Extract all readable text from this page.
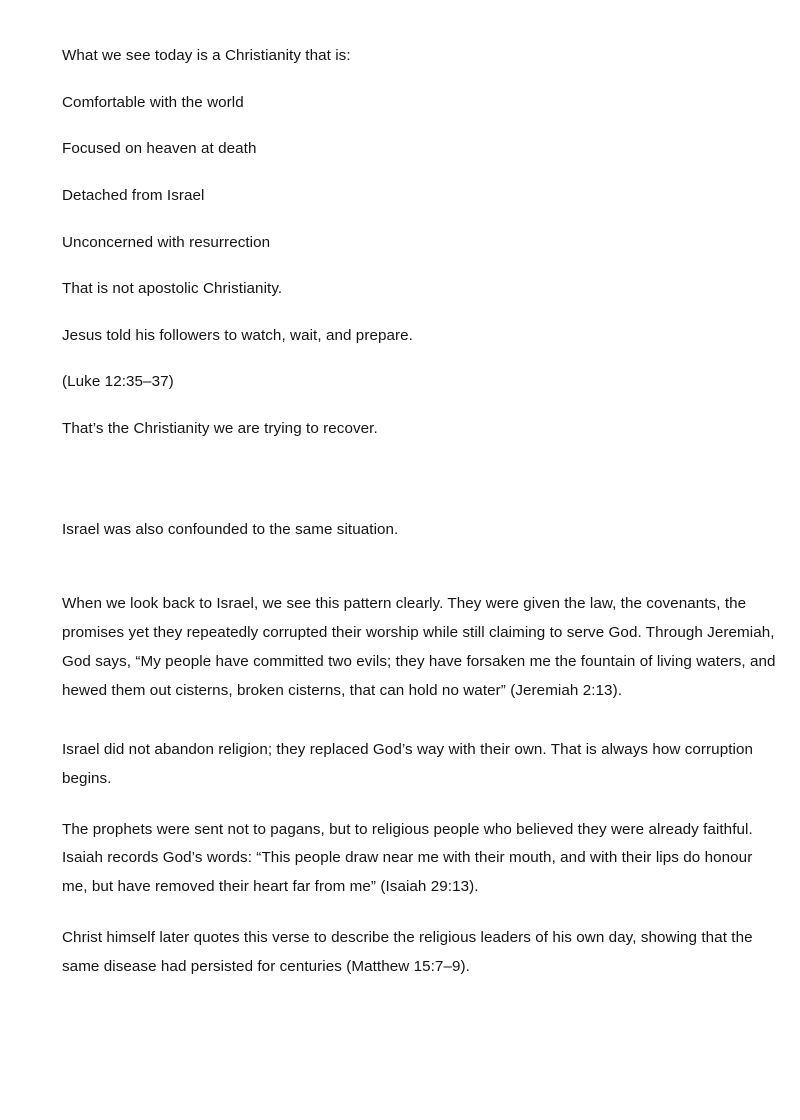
What we see today is a Christianity that is:

Comfortable with the world

Focused on heaven at death

Detached from Israel

Unconcerned with resurrection

That is not apostolic Christianity.

Jesus told his followers to watch, wait, and prepare.

(Luke 12:35–37)

That’s the Christianity we are trying to recover.

Israel was also confounded to the same situation.

When we look back to Israel, we see this pattern clearly. They were given the law, the covenants, the promises yet they repeatedly corrupted their worship while still claiming to serve God. Through Jeremiah, God says, “My people have committed two evils; they have forsaken me the fountain of living waters, and hewed them out cisterns, broken cisterns, that can hold no water” (Jeremiah 2:13).

Israel did not abandon religion; they replaced God’s way with their own. That is always how corruption begins.

The prophets were sent not to pagans, but to religious people who believed they were already faithful. Isaiah records God’s words: “This people draw near me with their mouth, and with their lips do honour me, but have removed their heart far from me” (Isaiah 29:13).

Christ himself later quotes this verse to describe the religious leaders of his own day, showing that the same disease had persisted for centuries (Matthew 15:7–9).
